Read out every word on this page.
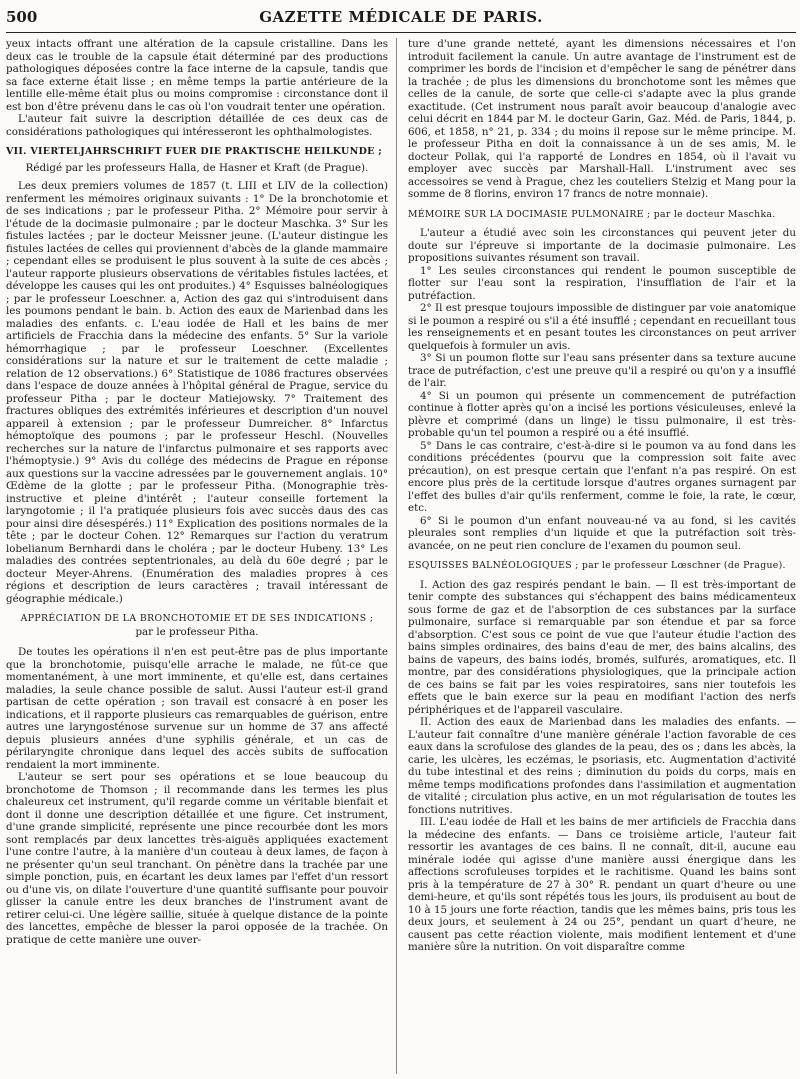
500	GAZETTE MÉDICALE DE PARIS.

yeux intacts offrant une altération de la capsule cristalline. Dans les deux cas le trouble de la capsule était déterminé par des productions pathologiques déposées contre la face interne de la capsule, tandis que sa face externe était lisse ; en même temps la partie antérieure de la lentille elle-même était plus ou moins compromise : circonstance dont il est bon d'être prévenu dans le cas où l'on voudrait tenter une opération.

L'auteur fait suivre la description détaillée de ces deux cas de considérations pathologiques qui intéresseront les ophthalmologistes.

VII. VIERTELJAHRSCHRIFT FUER DIE PRAKTISCHE HEILKUNDE ;

Rédigé par les professeurs Halla, de Hasner et Kraft (de Prague).

Les deux premiers volumes de 1857 (t. LIII et LIV de la collection) renferment les mémoires originaux suivants : 1° De la bronchotomie et de ses indications ; par le professeur Pitha. 2° Mémoire pour servir à l'étude de la docimasie pulmonaire ; par le docteur Maschka. 3° Sur les fistules lactées ; par le docteur Meissner jeune. (L'auteur distingue les fistules lactées de celles qui proviennent d'abcès de la glande mammaire ; cependant elles se produisent le plus souvent à la suite de ces abcès ; l'auteur rapporte plusieurs observations de véritables fistules lactées, et développe les causes qui les ont produites.) 4° Esquisses balnéologiques ; par le professeur Loeschner. a, Action des gaz qui s'introduisent dans les poumons pendant le bain. b. Action des eaux de Marienbad dans les maladies des enfants. c. L'eau iodée de Hall et les bains de mer artificiels de Fracchia dans la médecine des enfants. 5° Sur la variole hémorrhagique ; par le professeur Loeschner. (Excellentes considérations sur la nature et sur le traitement de cette maladie ; relation de 12 observations.) 6° Statistique de 1086 fractures observées dans l'espace de douze années à l'hôpital général de Prague, service du professeur Pitha ; par le docteur Matiejowsky. 7° Traitement des fractures obliques des extrémités inférieures et description d'un nouvel appareil à extension ; par le professeur Dumreicher. 8° Infarctus hémoptoïque des poumons ; par le professeur Heschl. (Nouvelles recherches sur la nature de l'infarctus pulmonaire et ses rapports avec l'hémoptysie.) 9° Avis du collége des médecins de Prague en réponse aux questions sur la vaccine adressées par le gouvernement anglais. 10° Œdème de la glotte ; par le professeur Pitha. (Monographie très-instructive et pleine d'intérêt ; l'auteur conseille fortement la laryngotomie ; il l'a pratiquée plusieurs fois avec succès daus des cas pour ainsi dire désespérés.) 11° Explication des positions normales de la tête ; par le docteur Cohen. 12° Remarques sur l'action du veratrum lobelianum Bernhardi dans le choléra ; par le docteur Hubeny. 13° Les maladies des contrées septentrionales, au delà du 60e degré ; par le docteur Meyer-Ahrens. (Enumération des maladies propres à ces régions et description de leurs caractères ; travail intéressant de géographie médicale.)

APPRÉCIATION DE LA BRONCHOTOMIE ET DE SES INDICATIONS ;

par le professeur Pitha.

De toutes les opérations il n'en est peut-être pas de plus importante que la bronchotomie, puisqu'elle arrache le malade, ne fût-ce que momentanément, à une mort imminente, et qu'elle est, dans certaines maladies, la seule chance possible de salut. Aussi l'auteur est-il grand partisan de cette opération ; son travail est consacré à en poser les indications, et il rapporte plusieurs cas remarquables de guérison, entre autres une laryngosténose survenue sur un homme de 37 ans affecté depuis plusieurs années d'une syphilis générale, et un cas de périlaryngite chronique dans lequel des accès subits de suffocation rendaient la mort imminente.

L'auteur se sert pour ses opérations et se loue beaucoup du bronchotome de Thomson ; il recommande dans les termes les plus chaleureux cet instrument, qu'il regarde comme un véritable bienfait et dont il donne une description détaillée et une figure. Cet instrument, d'une grande simplicité, représente une pince recourbée dont les mors sont remplacés par deux lancettes très-aiguës appliquées exactement l'une contre l'autre, à la manière d'un couteau à deux lames, de façon à ne présenter qu'un seul tranchant. On pénètre dans la trachée par une simple ponction, puis, en écartant les deux lames par l'effet d'un ressort ou d'une vis, on dilate l'ouverture d'une quantité suffisante pour pouvoir glisser la canule entre les deux branches de l'instrument avant de retirer celui-ci. Une légère saillie, située à quelque distance de la pointe des lancettes, empêche de blesser la paroi opposée de la trachée. On pratique de cette manière une ouver-

ture d'une grande netteté, ayant les dimensions nécessaires et l'on introduit facilement la canule. Un autre avantage de l'instrument est de comprimer les bords de l'incision et d'empêcher le sang de pénétrer dans la trachée ; de plus les dimensions du bronchotome sont les mêmes que celles de la canule, de sorte que celle-ci s'adapte avec la plus grande exactitude. (Cet instrument nous paraît avoir beaucoup d'analogie avec celui décrit en 1844 par M. le docteur Garin, Gaz. Méd. de Paris, 1844, p. 606, et 1858, n° 21, p. 334 ; du moins il repose sur le même principe. M. le professeur Pitha en doit la connaissance à un de ses amis, M. le docteur Pollak, qui l'a rapporté de Londres en 1854, où il l'avait vu employer avec succès par Marshall-Hall. L'instrument avec ses accessoires se vend à Prague, chez les couteliers Stelzig et Mang pour la somme de 8 florins, environ 17 francs de notre monnaie).

MÉMOIRE SUR LA DOCIMASIE PULMONAIRE ; par le docteur Maschka.

L'auteur a étudié avec soin les circonstances qui peuvent jeter du doute sur l'épreuve si importante de la docimasie pulmonaire. Les propositions suivantes résument son travail.

1° Les seules circonstances qui rendent le poumon susceptible de flotter sur l'eau sont la respiration, l'insufflation de l'air et la putréfaction.

2° Il est presque toujours impossible de distinguer par voie anatomique si le poumon a respiré ou s'il a été insufflé ; cependant en recueillant tous les renseignements et en pesant toutes les circonstances on peut arriver quelquefois à formuler un avis.

3° Si un poumon flotte sur l'eau sans présenter dans sa texture aucune trace de putréfaction, c'est une preuve qu'il a respiré ou qu'on y a insufflé de l'air.

4° Si un poumon qui présente un commencement de putréfaction continue à flotter après qu'on a incisé les portions vésiculeuses, enlevé la plèvre et comprimé (dans un linge) le tissu pulmonaire, il est très-probable qu'un tel poumon a respiré ou a été insufflé.

5° Dans le cas contraire, c'est-à-dire si le poumon va au fond dans les conditions précédentes (pourvu que la compression soit faite avec précaution), on est presque certain que l'enfant n'a pas respiré. On est encore plus près de la certitude lorsque d'autres organes surnagent par l'effet des bulles d'air qu'ils renferment, comme le foie, la rate, le cœur, etc.

6° Si le poumon d'un enfant nouveau-né va au fond, si les cavités pleurales sont remplies d'un liquide et que la putréfaction soit très-avancée, on ne peut rien conclure de l'examen du poumon seul.

ESQUISSES BALNÉOLOGIQUES ; par le professeur Lœschner (de Prague).

I. Action des gaz respirés pendant le bain. — Il est très-important de tenir compte des substances qui s'échappent des bains médicamenteux sous forme de gaz et de l'absorption de ces substances par la surface pulmonaire, surface si remarquable par son étendue et par sa force d'absorption. C'est sous ce point de vue que l'auteur étudie l'action des bains simples ordinaires, des bains d'eau de mer, des bains alcalins, des bains de vapeurs, des bains iodés, bromés, sulfurés, aromatiques, etc. Il montre, par des considérations physiologiques, que la principale action de ces bains se fait par les voies respiratoires, sans nier toutefois les effets que le bain exerce sur la peau en modifiant l'action des nerfs périphériques et de l'appareil vasculaire.

II. Action des eaux de Marienbad dans les maladies des enfants. — L'auteur fait connaître d'une manière générale l'action favorable de ces eaux dans la scrofulose des glandes de la peau, des os ; dans les abcès, la carie, les ulcères, les eczémas, le psoriasis, etc. Augmentation d'activité du tube intestinal et des reins ; diminution du poids du corps, mais en même temps modifications profondes dans l'assimilation et augmentation de vitalité ; circulation plus active, en un mot régularisation de toutes les fonctions nutritives.

III. L'eau iodée de Hall et les bains de mer artificiels de Fracchia dans la médecine des enfants. — Dans ce troisième article, l'auteur fait ressortir les avantages de ces bains. Il ne connaît, dit-il, aucune eau minérale iodée qui agisse d'une manière aussi énergique dans les affections scrofuleuses torpides et le rachitisme. Quand les bains sont pris à la température de 27 à 30° R. pendant un quart d'heure ou une demi-heure, et qu'ils sont répétés tous les jours, ils produisent au bout de 10 à 15 jours une forte réaction, tandis que les mêmes bains, pris tous les deux jours, et seulement à 24 ou 25°, pendant un quart d'heure, ne causent pas cette réaction violente, mais modifient lentement et d'une manière sûre la nutrition. On voit disparaître comme
